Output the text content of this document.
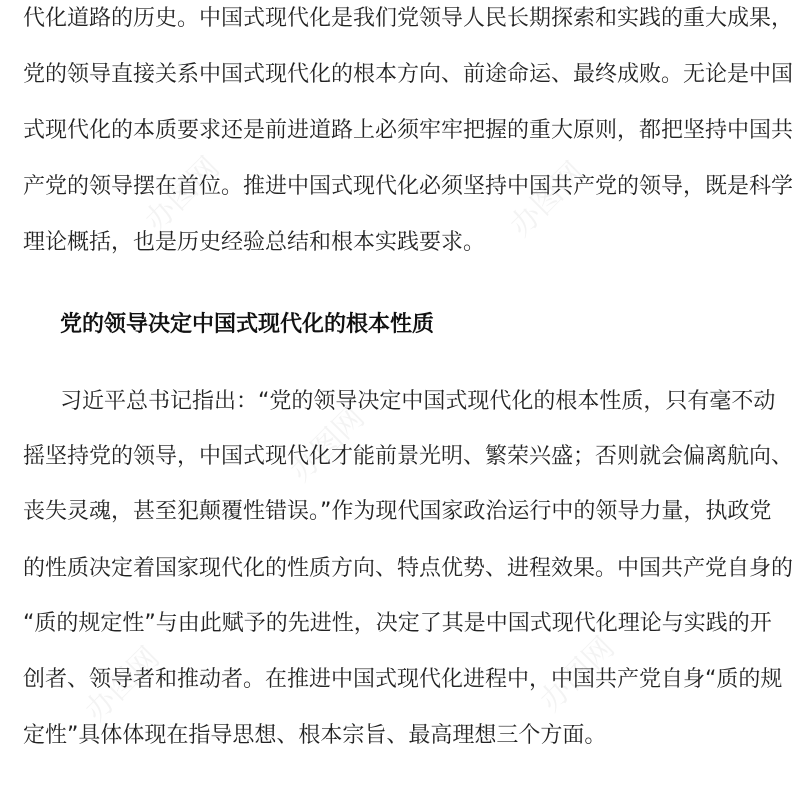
办图网	办图网
办图网
办图网	办图网
代化道路的历史。中国式现代化是我们党领导人民长期探索和实践的重大成果，
党的领导直接关系中国式现代化的根本方向、前途命运、最终成败。无论是中国
式现代化的本质要求还是前进道路上必须牢牢把握的重大原则，都把坚持中国共
产党的领导摆在首位。推进中国式现代化必须坚持中国共产党的领导，既是科学
理论概括，也是历史经验总结和根本实践要求。
党的领导决定中国式现代化的根本性质
习近平总书记指出：“党的领导决定中国式现代化的根本性质，只有毫不动
摇坚持党的领导，中国式现代化才能前景光明、繁荣兴盛；否则就会偏离航向、
丧失灵魂，甚至犯颠覆性错误。”作为现代国家政治运行中的领导力量，执政党
的性质决定着国家现代化的性质方向、特点优势、进程效果。中国共产党自身的
“质的规定性”与由此赋予的先进性，决定了其是中国式现代化理论与实践的开
创者、领导者和推动者。在推进中国式现代化进程中，中国共产党自身“质的规
定性”具体体现在指导思想、根本宗旨、最高理想三个方面。
